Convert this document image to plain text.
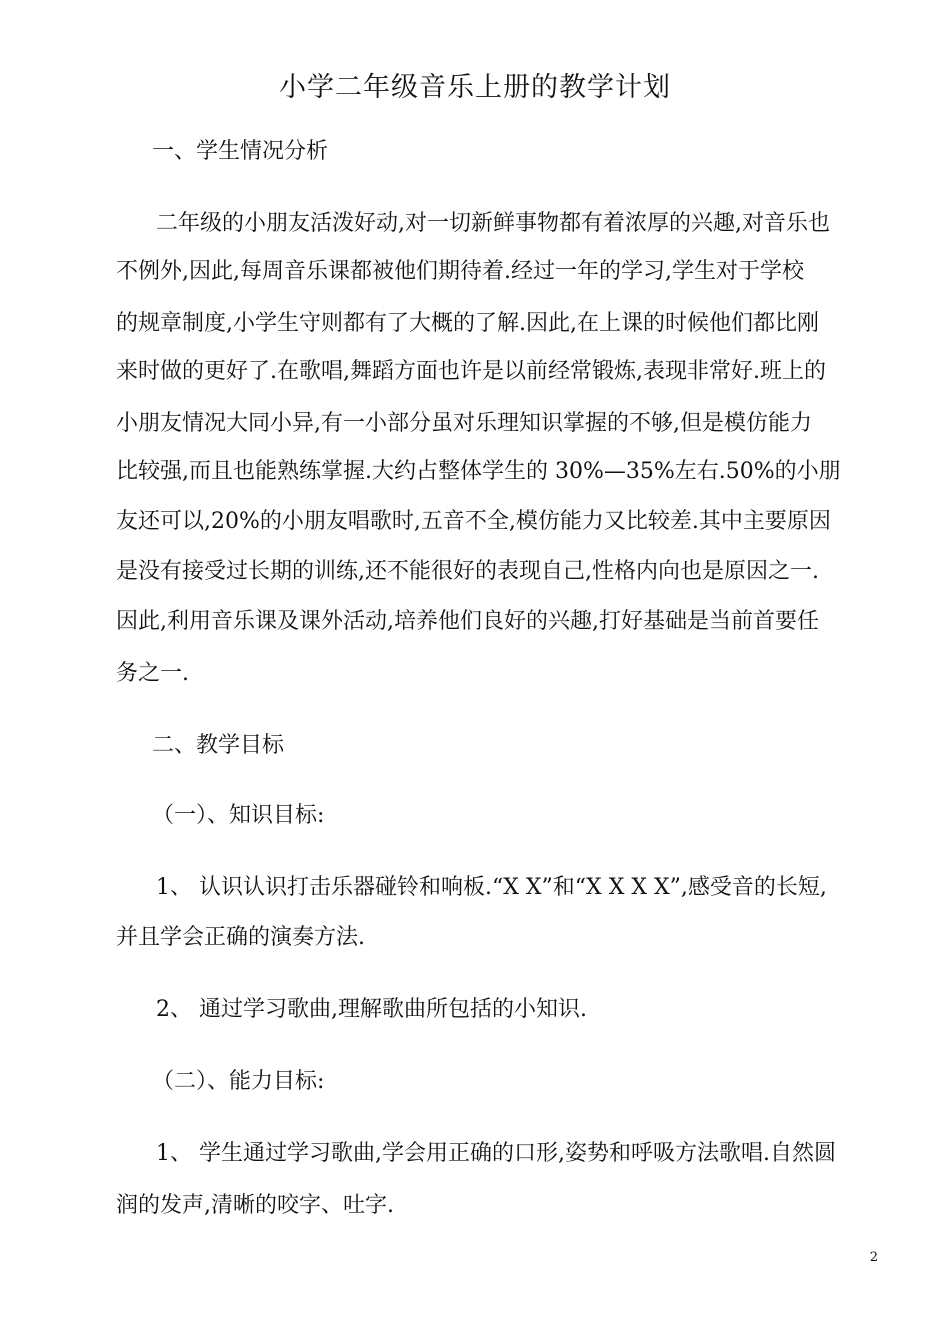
小学二年级音乐上册的教学计划

一、学生情况分析

二年级的小朋友活泼好动,对一切新鲜事物都有着浓厚的兴趣,对音乐也

不例外,因此,每周音乐课都被他们期待着.经过一年的学习,学生对于学校

的规章制度,小学生守则都有了大概的了解.因此,在上课的时候他们都比刚

来时做的更好了.在歌唱,舞蹈方面也许是以前经常锻炼,表现非常好.班上的

小朋友情况大同小异,有一小部分虽对乐理知识掌握的不够,但是模仿能力

比较强,而且也能熟练掌握.大约占整体学生的 30%—35%左右.50%的小朋

友还可以,20%的小朋友唱歌时,五音不全,模仿能力又比较差.其中主要原因

是没有接受过长期的训练,还不能很好的表现自己,性格内向也是原因之一.

因此,利用音乐课及课外活动,培养他们良好的兴趣,打好基础是当前首要任

务之一.

二、教学目标

（一）、知识目标:

1、 认识认识打击乐器碰铃和响板.“X X”和“X X X X”,感受音的长短,

并且学会正确的演奏方法.

2、 通过学习歌曲,理解歌曲所包括的小知识.

（二）、能力目标:

1、 学生通过学习歌曲,学会用正确的口形,姿势和呼吸方法歌唱.自然圆

润的发声,清晰的咬字、吐字.

2
